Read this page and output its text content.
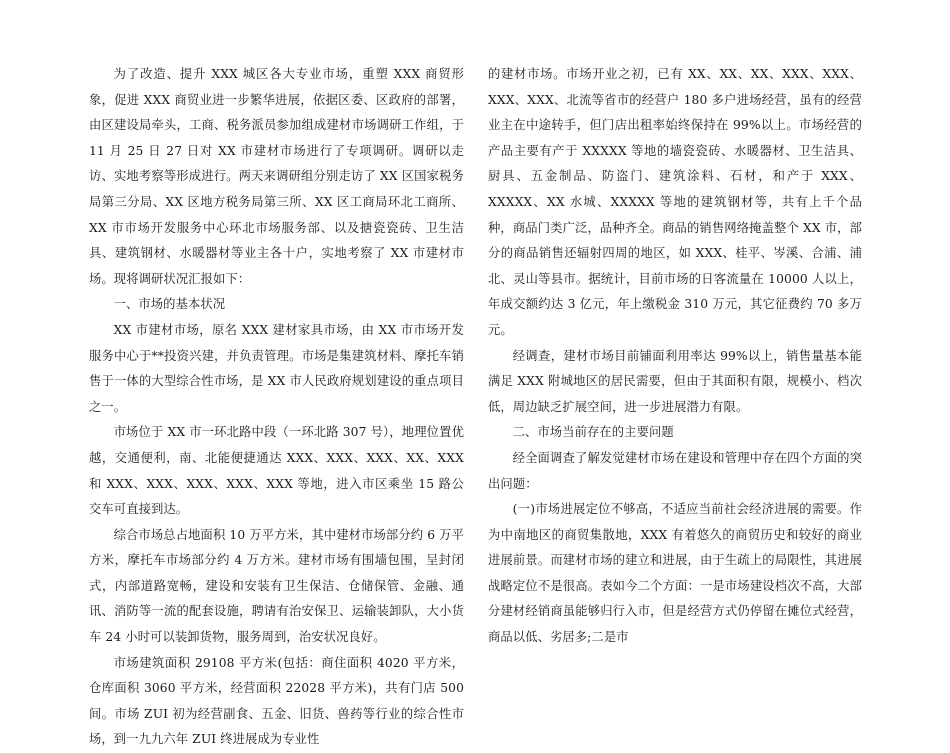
为了改造、提升 XXX 城区各大专业市场，重塑 XXX 商贸形象，促进 XXX 商贸业进一步繁华进展，依据区委、区政府的部署，由区建设局牵头，工商、税务派员参加组成建材市场调研工作组，于 11 月 25 日 27 日对 XX 市建材市场进行了专项调研。调研以走访、实地考察等形成进行。两天来调研组分别走访了 XX 区国家税务局第三分局、XX 区地方税务局第三所、XX 区工商局环北工商所、XX 市市场开发服务中心环北市场服务部、以及搪瓷瓷砖、卫生洁具、建筑钢材、水暖器材等业主各十户，实地考察了 XX 市建材市场。现将调研状况汇报如下：

一、市场的基本状况

XX 市建材市场，原名 XXX 建材家具市场，由 XX 市市场开发服务中心于**投资兴建，并负责管理。市场是集建筑材料、摩托车销售于一体的大型综合性市场，是 XX 市人民政府规划建设的重点项目之一。

市场位于 XX 市一环北路中段（一环北路 307 号），地理位置优越，交通便利，南、北能便捷通达 XXX、XXX、XXX、XX、XXX 和 XXX、XXX、XXX、XXX、XXX 等地，进入市区乘坐 15 路公交车可直接到达。

综合市场总占地面积 10 万平方米，其中建材市场部分约 6 万平方米，摩托车市场部分约 4 万方米。建材市场有围墙包围，呈封闭式，内部道路宽畅，建设和安装有卫生保洁、仓储保管、金融、通讯、消防等一流的配套设施，聘请有治安保卫、运输装卸队，大小货车 24 小时可以装卸货物，服务周到，治安状况良好。

市场建筑面积 29108 平方米(包括：商住面积 4020 平方米，仓库面积 3060 平方米，经营面积 22028 平方米)，共有门店 500 间。市场 ZUI 初为经营副食、五金、旧货、兽药等行业的综合性市场，到一九九六年 ZUI 终进展成为专业性

的建材市场。市场开业之初，已有 XX、XX、XX、XXX、XXX、XXX、XXX、北流等省市的经营户 180 多户进场经营，虽有的经营业主在中途转手，但门店出租率始终保持在 99%以上。市场经营的产品主要有产于 XXXXX 等地的墙瓷瓷砖、水暖器材、卫生洁具、厨具、五金制品、防盗门、建筑涂料、石材，和产于 XXX、XXXXX、XX 水城、XXXXX 等地的建筑钢材等，共有上千个品种，商品门类广泛，品种齐全。商品的销售网络掩盖整个 XX 市，部分的商品销售还辐射四周的地区，如 XXX、桂平、岑溪、合浦、浦北、灵山等县市。据统计，目前市场的日客流量在 10000 人以上，年成交额约达 3 亿元，年上缴税金 310 万元，其它征费约 70 多万元。

经调查，建材市场目前铺面利用率达 99%以上，销售量基本能满足 XXX 附城地区的居民需要，但由于其面积有限，规模小、档次低，周边缺乏扩展空间，进一步进展潜力有限。

二、市场当前存在的主要问题

经全面调查了解发觉建材市场在建设和管理中存在四个方面的突出问题：

(一)市场进展定位不够高，不适应当前社会经济进展的需要。作为中南地区的商贸集散地，XXX 有着悠久的商贸历史和较好的商业进展前景。而建材市场的建立和进展，由于生疏上的局限性，其进展战略定位不是很高。表如今二个方面：一是市场建设档次不高，大部分建材经销商虽能够归行入市，但是经营方式仍停留在摊位式经营，商品以低、劣居多;二是市
